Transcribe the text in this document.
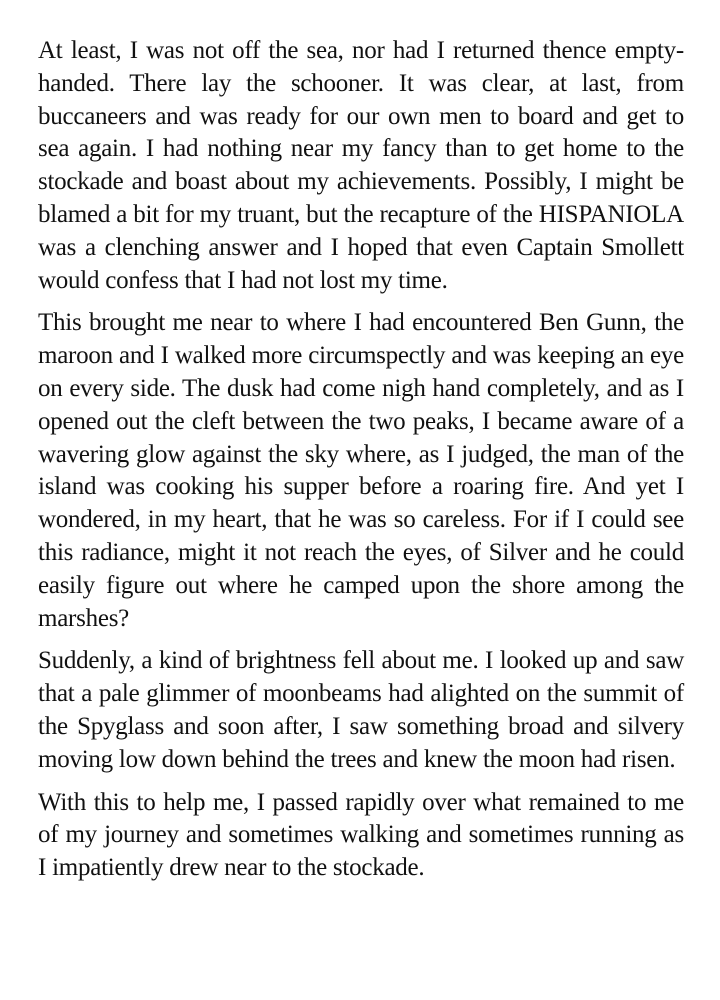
At least, I was not off the sea, nor had I returned thence empty-handed. There lay the schooner. It was clear, at last, from buccaneers and was ready for our own men to board and get to sea again. I had nothing near my fancy than to get home to the stockade and boast about my achievements. Possibly, I might be blamed a bit for my truant, but the recapture of the HISPANIOLA was a clenching answer and I hoped that even Captain Smollett would confess that I had not lost my time.

This brought me near to where I had encountered Ben Gunn, the maroon and I walked more circumspectly and was keeping an eye on every side. The dusk had come nigh hand completely, and as I opened out the cleft between the two peaks, I became aware of a wavering glow against the sky where, as I judged, the man of the island was cooking his supper before a roaring fire. And yet I wondered, in my heart, that he was so careless. For if I could see this radiance, might it not reach the eyes, of Silver and he could easily figure out where he camped upon the shore among the marshes?

Suddenly, a kind of brightness fell about me. I looked up and saw that a pale glimmer of moonbeams had alighted on the summit of the Spyglass and soon after, I saw something broad and silvery moving low down behind the trees and knew the moon had risen.

With this to help me, I passed rapidly over what remained to me of my journey and sometimes walking and sometimes running as I impatiently drew near to the stockade.
